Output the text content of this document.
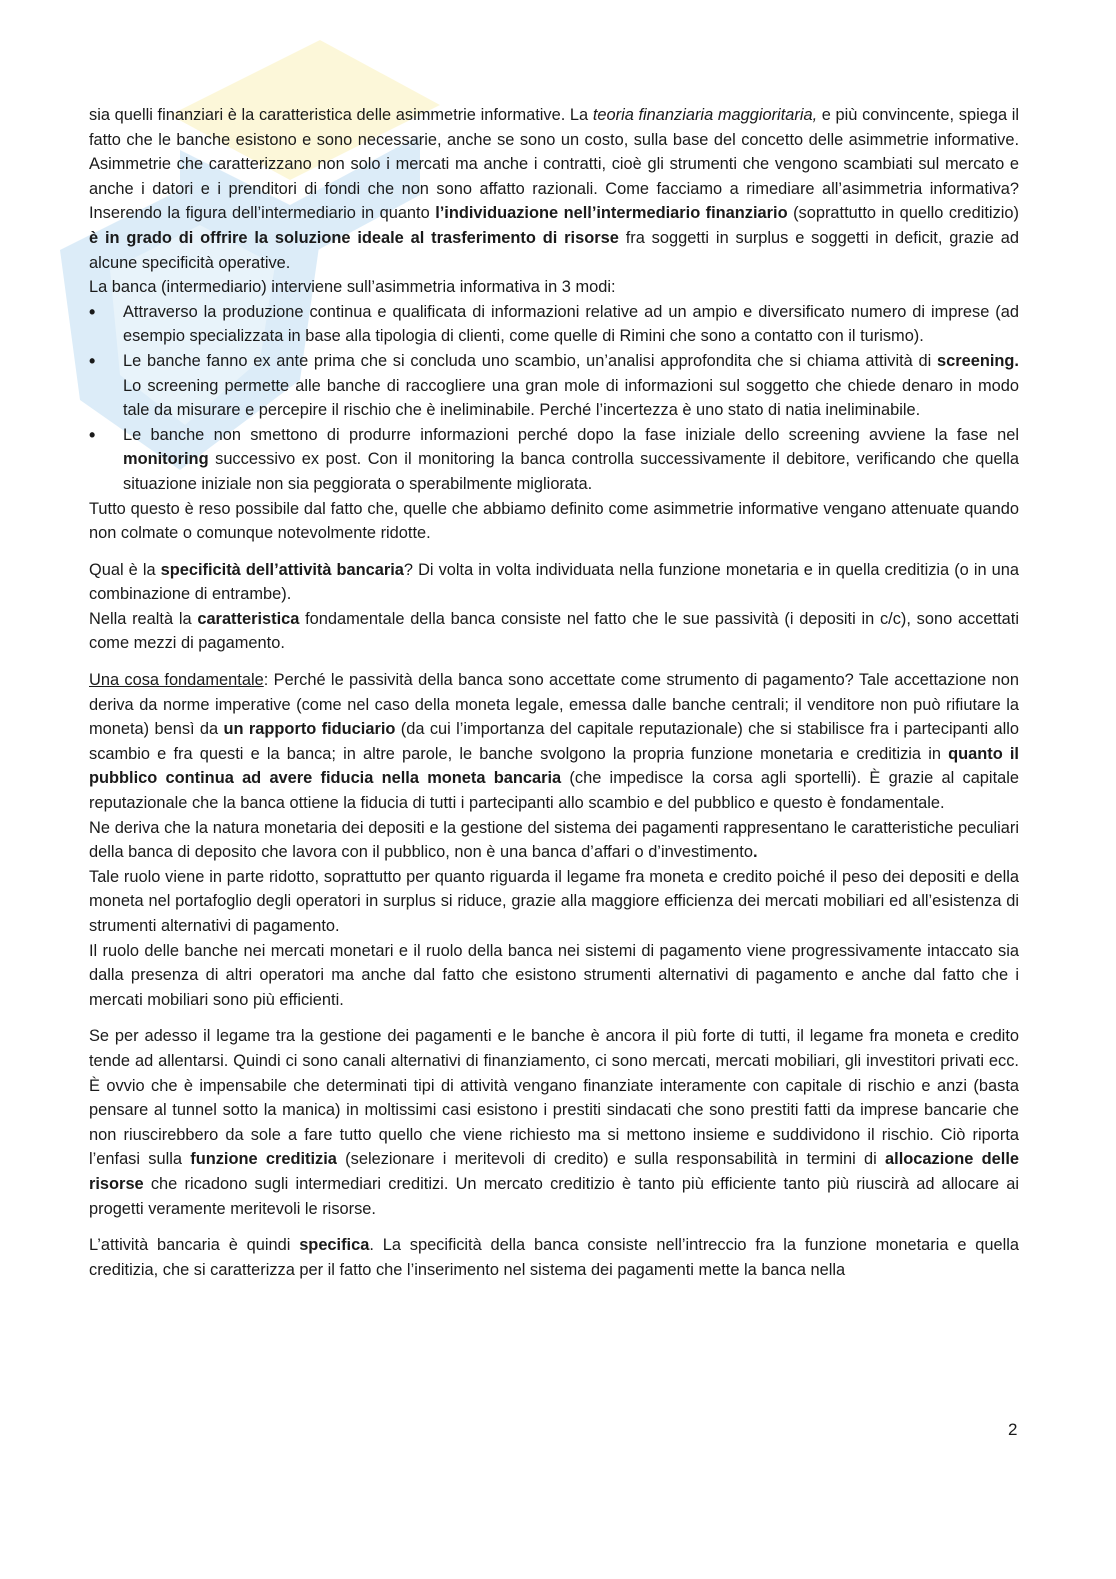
sia quelli finanziari è la caratteristica delle asimmetrie informative. La teoria finanziaria maggioritaria, e più convincente, spiega il fatto che le banche esistono e sono necessarie, anche se sono un costo, sulla base del concetto delle asimmetrie informative. Asimmetrie che caratterizzano non solo i mercati ma anche i contratti, cioè gli strumenti che vengono scambiati sul mercato e anche i datori e i prenditori di fondi che non sono affatto razionali. Come facciamo a rimediare all’asimmetria informativa? Inserendo la figura dell’intermediario in quanto l’individuazione nell’intermediario finanziario (soprattutto in quello creditizio) è in grado di offrire la soluzione ideale al trasferimento di risorse fra soggetti in surplus e soggetti in deficit, grazie ad alcune specificità operative.

La banca (intermediario) interviene sull’asimmetria informativa in 3 modi:

• Attraverso la produzione continua e qualificata di informazioni relative ad un ampio e diversificato numero di imprese (ad esempio specializzata in base alla tipologia di clienti, come quelle di Rimini che sono a contatto con il turismo).
• Le banche fanno ex ante prima che si concluda uno scambio, un’analisi approfondita che si chiama attività di screening. Lo screening permette alle banche di raccogliere una gran mole di informazioni sul soggetto che chiede denaro in modo tale da misurare e percepire il rischio che è ineliminabile. Perché l’incertezza è uno stato di natia ineliminabile.
• Le banche non smettono di produrre informazioni perché dopo la fase iniziale dello screening avviene la fase nel monitoring successivo ex post. Con il monitoring la banca controlla successivamente il debitore, verificando che quella situazione iniziale non sia peggiorata o sperabilmente migliorata.

Tutto questo è reso possibile dal fatto che, quelle che abbiamo definito come asimmetrie informative vengano attenuate quando non colmate o comunque notevolmente ridotte.

Qual è la specificità dell’attività bancaria? Di volta in volta individuata nella funzione monetaria e in quella creditizia (o in una combinazione di entrambe).

Nella realtà la caratteristica fondamentale della banca consiste nel fatto che le sue passività (i depositi in c/c), sono accettati come mezzi di pagamento.

Una cosa fondamentale: Perché le passività della banca sono accettate come strumento di pagamento? Tale accettazione non deriva da norme imperative (come nel caso della moneta legale, emessa dalle banche centrali; il venditore non può rifiutare la moneta) bensì da un rapporto fiduciario (da cui l’importanza del capitale reputazionale) che si stabilisce fra i partecipanti allo scambio e fra questi e la banca; in altre parole, le banche svolgono la propria funzione monetaria e creditizia in quanto il pubblico continua ad avere fiducia nella moneta bancaria (che impedisce la corsa agli sportelli). È grazie al capitale reputazionale che la banca ottiene la fiducia di tutti i partecipanti allo scambio e del pubblico e questo è fondamentale.

Ne deriva che la natura monetaria dei depositi e la gestione del sistema dei pagamenti rappresentano le caratteristiche peculiari della banca di deposito che lavora con il pubblico, non è una banca d’affari o d’investimento.

Tale ruolo viene in parte ridotto, soprattutto per quanto riguarda il legame fra moneta e credito poiché il peso dei depositi e della moneta nel portafoglio degli operatori in surplus si riduce, grazie alla maggiore efficienza dei mercati mobiliari ed all’esistenza di strumenti alternativi di pagamento.

Il ruolo delle banche nei mercati monetari e il ruolo della banca nei sistemi di pagamento viene progressivamente intaccato sia dalla presenza di altri operatori ma anche dal fatto che esistono strumenti alternativi di pagamento e anche dal fatto che i mercati mobiliari sono più efficienti.

Se per adesso il legame tra la gestione dei pagamenti e le banche è ancora il più forte di tutti, il legame fra moneta e credito tende ad allentarsi. Quindi ci sono canali alternativi di finanziamento, ci sono mercati, mercati mobiliari, gli investitori privati ecc. È ovvio che è impensabile che determinati tipi di attività vengano finanziate interamente con capitale di rischio e anzi (basta pensare al tunnel sotto la manica) in moltissimi casi esistono i prestiti sindacati che sono prestiti fatti da imprese bancarie che non riuscirebbero da sole a fare tutto quello che viene richiesto ma si mettono insieme e suddividono il rischio. Ciò riporta l’enfasi sulla funzione creditizia (selezionare i meritevoli di credito) e sulla responsabilità in termini di allocazione delle risorse che ricadono sugli intermediari creditizi. Un mercato creditizio è tanto più efficiente tanto più riuscirà ad allocare ai progetti veramente meritevoli le risorse.

L’attività bancaria è quindi specifica. La specificità della banca consiste nell’intreccio fra la funzione monetaria e quella creditizia, che si caratterizza per il fatto che l’inserimento nel sistema dei pagamenti mette la banca nella

2
